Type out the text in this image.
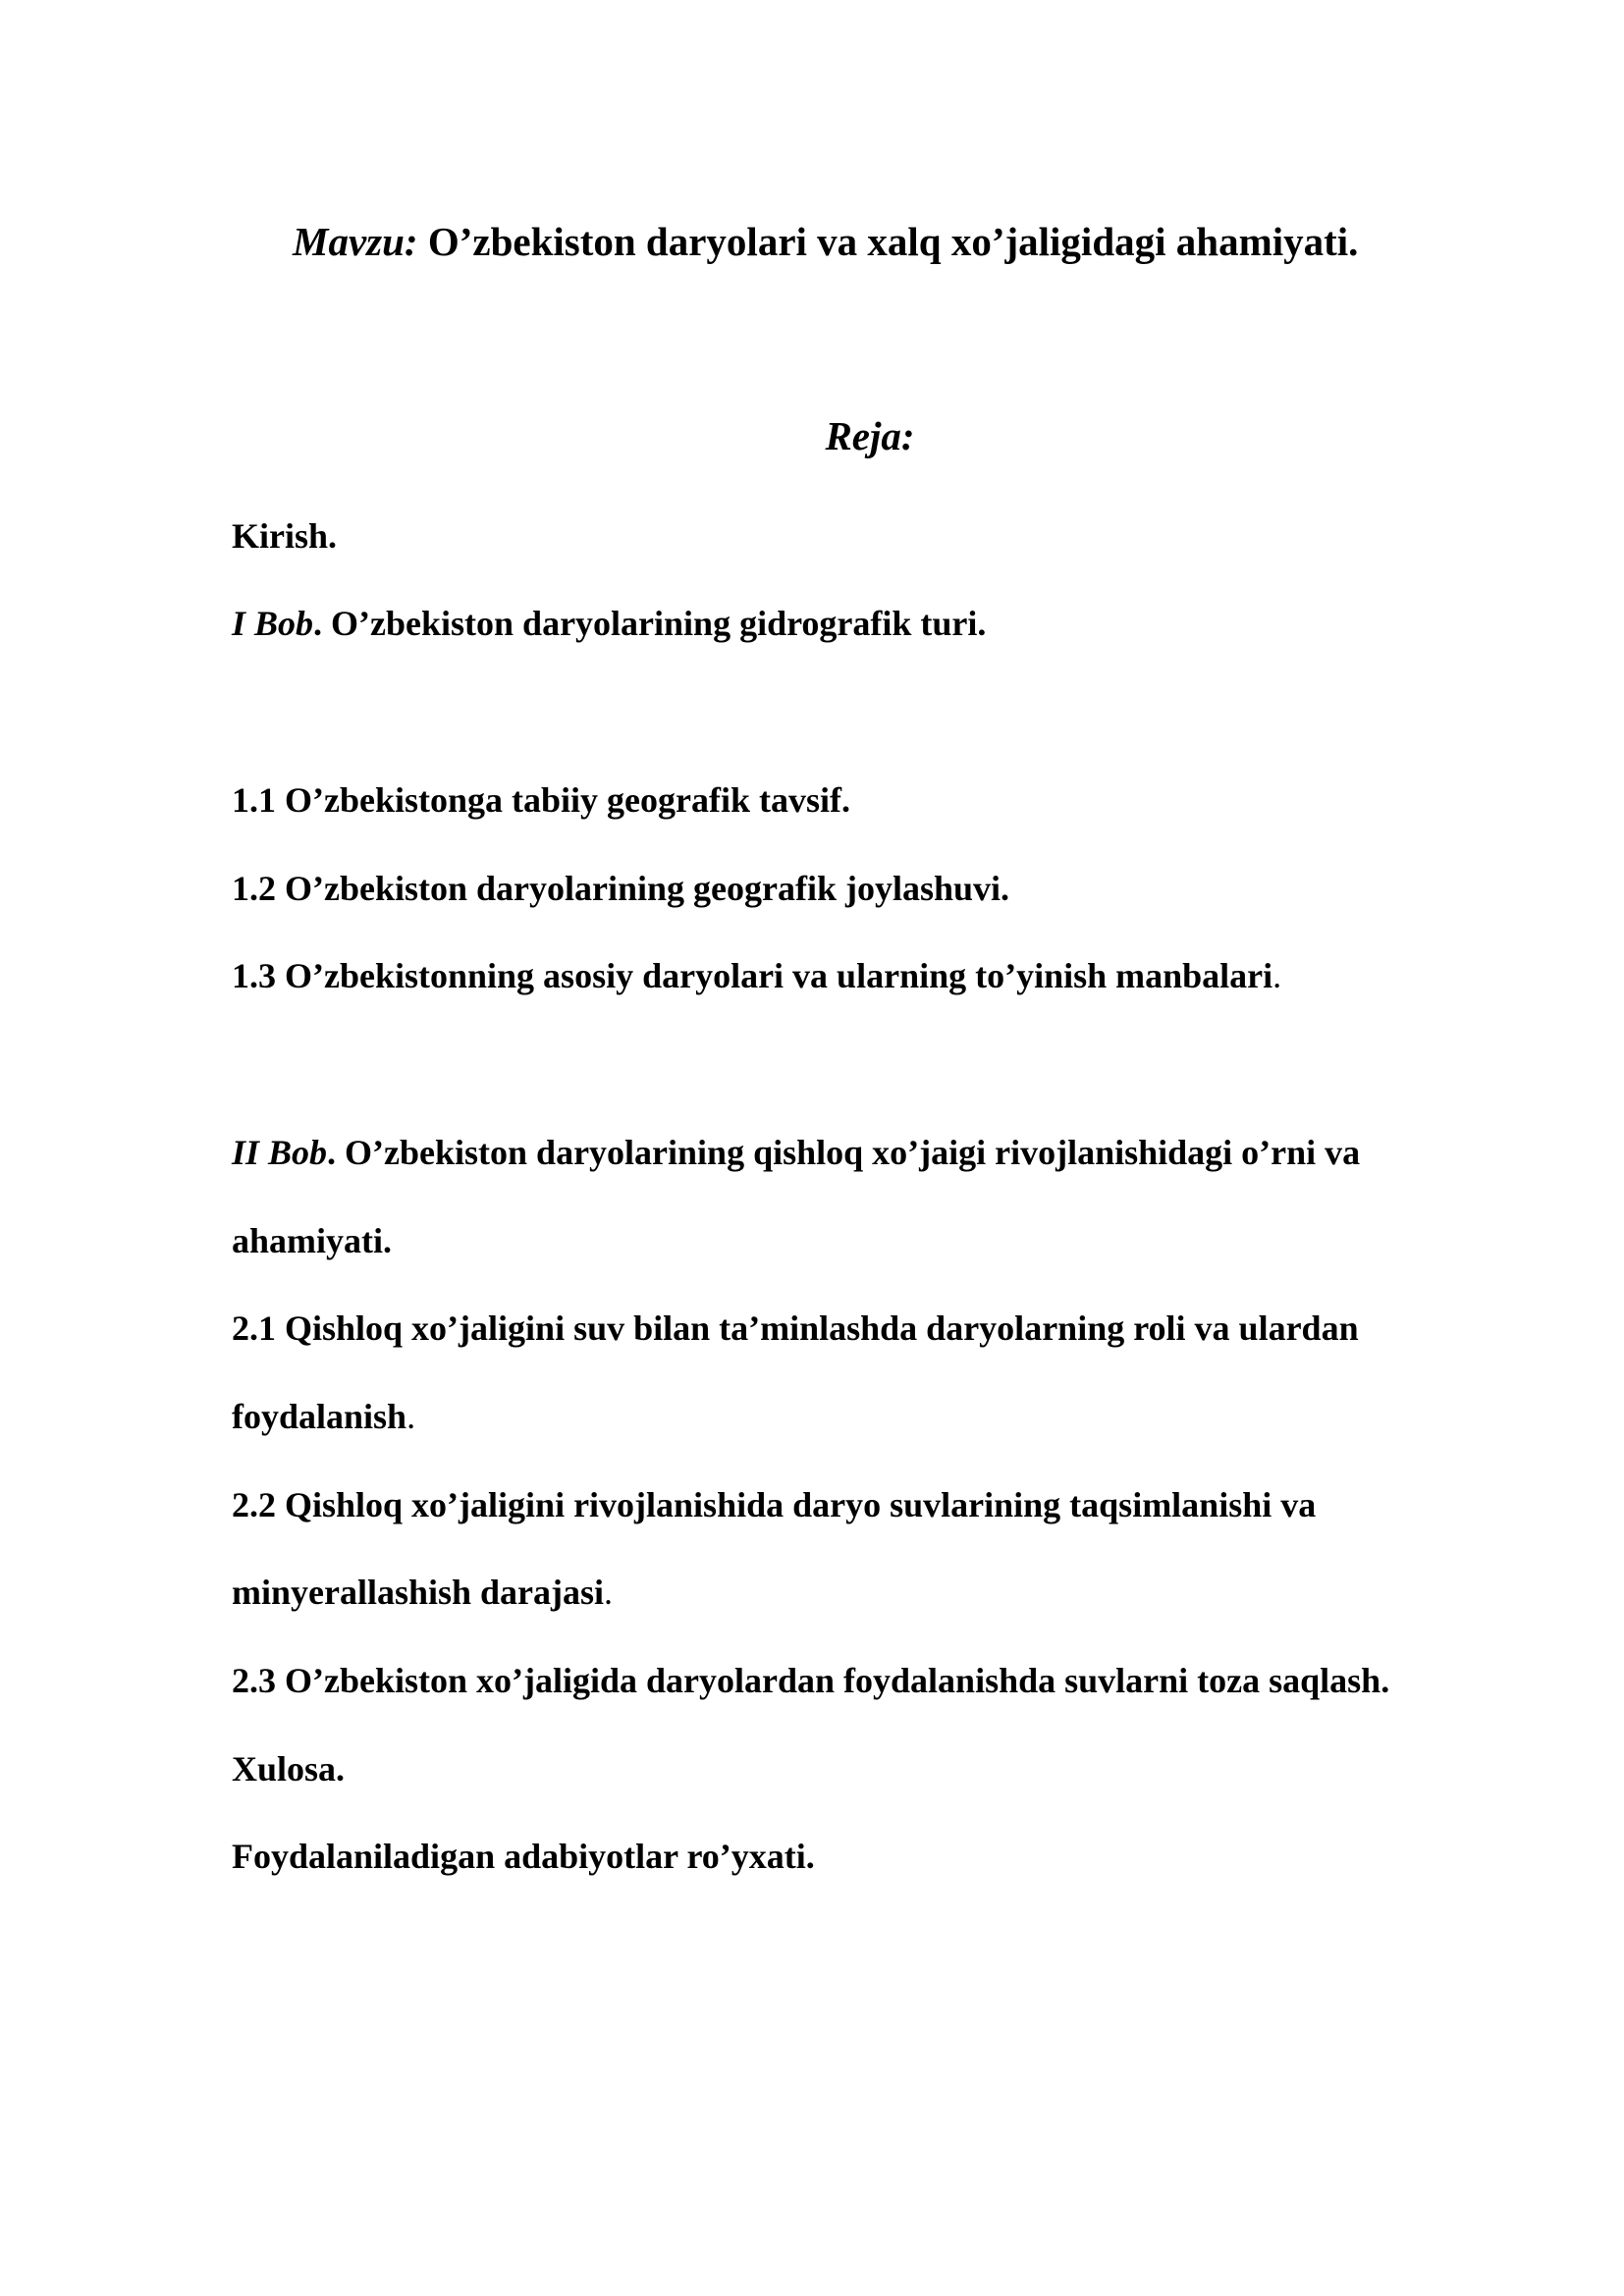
Mavzu: O’zbekiston daryolari va xalq xo’jaligidagi ahamiyati.
Reja:
Kirish.
I Bob. O’zbekiston daryolarining gidrografik turi.
1.1 O’zbekistonga tabiiy geografik tavsif.
1.2 O’zbekiston daryolarining geografik joylashuvi.
1.3 O’zbekistonning asosiy daryolari va ularning to’yinish manbalari.
II Bob. O’zbekiston daryolarining qishloq xo’jaigi rivojlanishidagi o’rni va
ahamiyati.
2.1 Qishloq xo’jaligini suv bilan ta’minlashda daryolarning roli va ulardan
foydalanish.
2.2 Qishloq xo’jaligini rivojlanishida daryo suvlarining taqsimlanishi va
minyerallashish darajasi.
2.3 O’zbekiston xo’jaligida daryolardan foydalanishda suvlarni toza saqlash.
Xulosa.
Foydalaniladigan adabiyotlar ro’yxati.
